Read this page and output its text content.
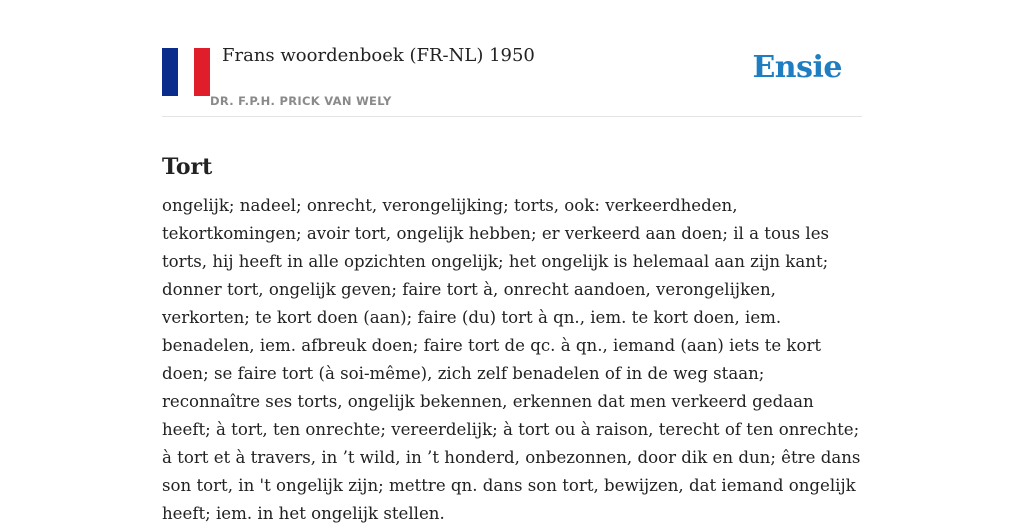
Frans woordenboek (FR-NL) 1950
DR. F.P.H. PRICK VAN WELY
Ensie
Tort

ongelijk; nadeel; onrecht, verongelijking; torts, ook: verkeerdheden, tekortkomingen; avoir tort, ongelijk hebben; er verkeerd aan doen; il a tous les torts, hij heeft in alle opzichten ongelijk; het ongelijk is helemaal aan zijn kant; donner tort, ongelijk geven; faire tort à, onrecht aandoen, verongelijken, verkorten; te kort doen (aan); faire (du) tort à qn., iem. te kort doen, iem. benadelen, iem. afbreuk doen; faire tort de qc. à qn., iemand (aan) iets te kort doen; se faire tort (à soi-même), zich zelf benadelen of in de weg staan; reconnaître ses torts, ongelijk bekennen, erkennen dat men verkeerd gedaan heeft; à tort, ten onrechte; vereerdelijk; à tort ou à raison, terecht of ten onrechte; à tort et à travers, in ’t wild, in ’t honderd, onbezonnen, door dik en dun; être dans son tort, in 't ongelijk zijn; mettre qn. dans son tort, bewijzen, dat iemand ongelijk heeft; iem. in het ongelijk stellen.
